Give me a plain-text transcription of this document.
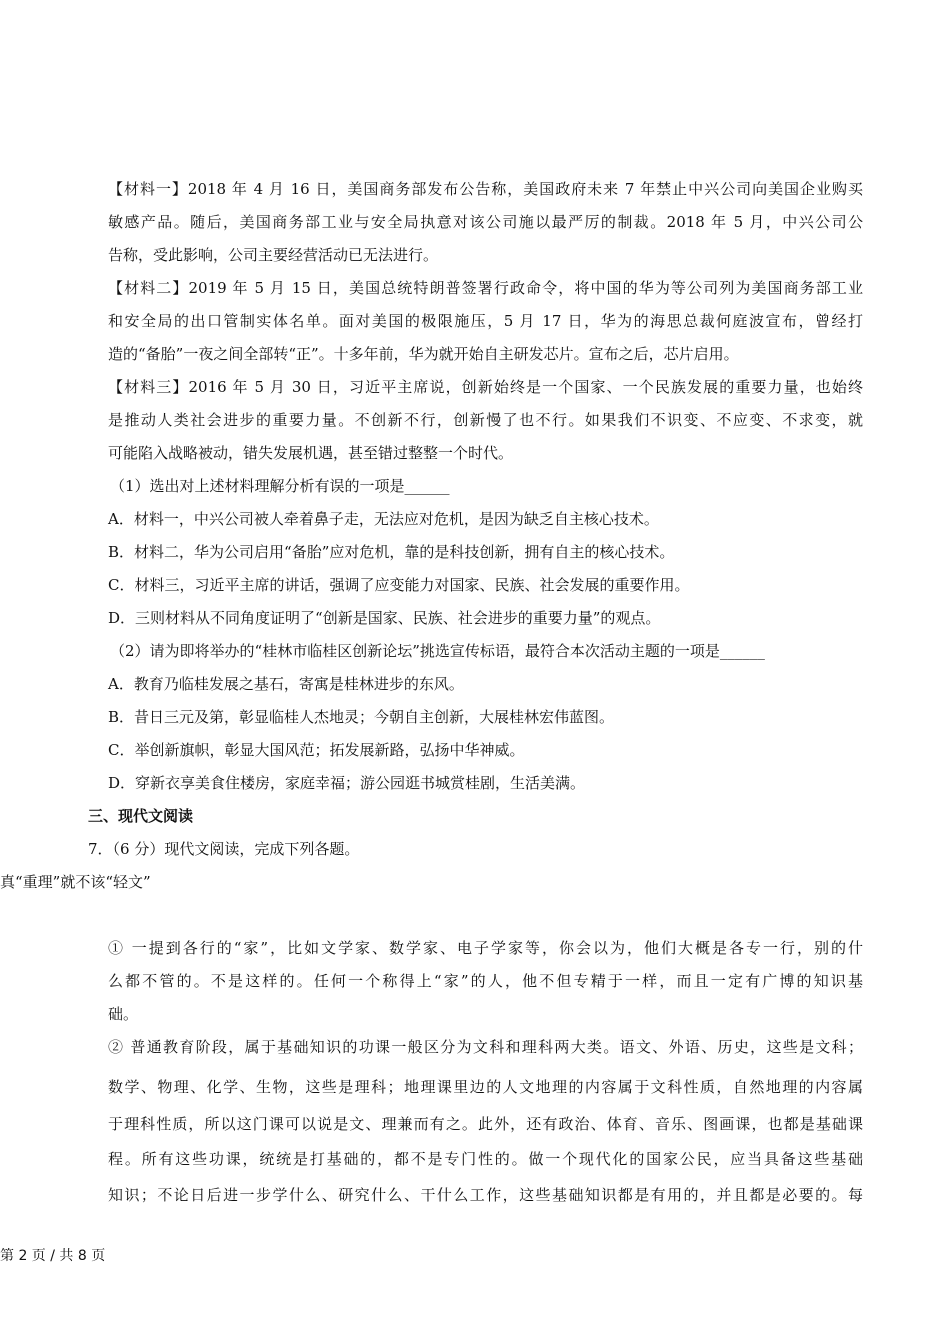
【材料一】2018 年 4 月 16 日，美国商务部发布公告称，美国政府未来 7 年禁止中兴公司向美国企业购买
敏感产品。随后，美国商务部工业与安全局执意对该公司施以最严厉的制裁。2018 年 5 月，中兴公司公
告称，受此影响，公司主要经营活动已无法进行。
【材料二】2019 年 5 月 15 日，美国总统特朗普签署行政命令，将中国的华为等公司列为美国商务部工业
和安全局的出口管制实体名单。面对美国的极限施压，5 月 17 日，华为的海思总裁何庭波宣布，曾经打
造的“备胎”一夜之间全部转“正”。十多年前，华为就开始自主研发芯片。宣布之后，芯片启用。
【材料三】2016 年 5 月 30 日，习近平主席说，创新始终是一个国家、一个民族发展的重要力量，也始终
是推动人类社会进步的重要力量。不创新不行，创新慢了也不行。如果我们不识变、不应变、不求变，就
可能陷入战略被动，错失发展机遇，甚至错过整整一个时代。
（1）选出对上述材料理解分析有误的一项是______
A．材料一，中兴公司被人牵着鼻子走，无法应对危机，是因为缺乏自主核心技术。
B．材料二，华为公司启用“备胎”应对危机，靠的是科技创新，拥有自主的核心技术。
C．材料三，习近平主席的讲话，强调了应变能力对国家、民族、社会发展的重要作用。
D．三则材料从不同角度证明了“创新是国家、民族、社会进步的重要力量”的观点。
（2）请为即将举办的“桂林市临桂区创新论坛”挑选宣传标语，最符合本次活动主题的一项是______
A．教育乃临桂发展之基石，寄寓是桂林进步的东风。
B．昔日三元及第，彰显临桂人杰地灵；今朝自主创新，大展桂林宏伟蓝图。
C．举创新旗帜，彰显大国风范；拓发展新路，弘扬中华神威。
D．穿新衣享美食住楼房，家庭幸福；游公园逛书城赏桂剧，生活美满。
三、现代文阅读
7．（6 分）现代文阅读，完成下列各题。
真“重理”就不该“轻文”
① 一提到各行的“家”，比如文学家、数学家、电子学家等，你会以为，他们大概是各专一行，别的什
么都不管的。不是这样的。任何一个称得上“家”的人，他不但专精于一样，而且一定有广博的知识基
础。
② 普通教育阶段，属于基础知识的功课一般区分为文科和理科两大类。语文、外语、历史，这些是文科；
数学、物理、化学、生物，这些是理科；地理课里边的人文地理的内容属于文科性质，自然地理的内容属
于理科性质，所以这门课可以说是文、理兼而有之。此外，还有政治、体育、音乐、图画课，也都是基础课
程。所有这些功课，统统是打基础的，都不是专门性的。做一个现代化的国家公民，应当具备这些基础
知识；不论日后进一步学什么、研究什么、干什么工作，这些基础知识都是有用的，并且都是必要的。每
第 2 页 / 共 8 页
